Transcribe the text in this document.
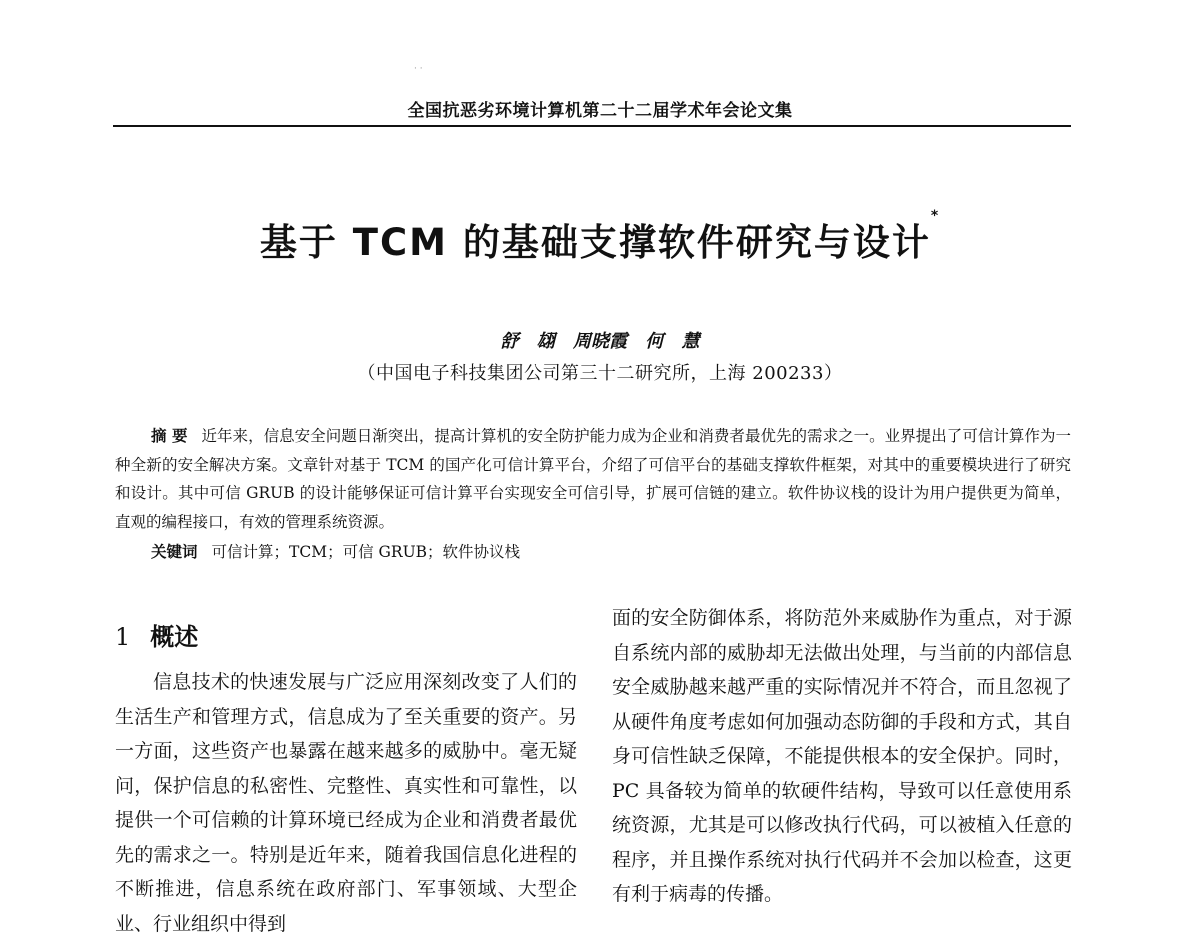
· ·
全国抗恶劣环境计算机第二十二届学术年会论文集
基于 TCM 的基础支撑软件研究与设计*
舒 翃 周晓霞 何 慧
（中国电子科技集团公司第三十二研究所，上海 200233）

摘 要 近年来，信息安全问题日渐突出，提高计算机的安全防护能力成为企业和消费者最优先的需求之一。业界提出了可信计算作为一种全新的安全解决方案。文章针对基于 TCM 的国产化可信计算平台，介绍了可信平台的基础支撑软件框架，对其中的重要模块进行了研究和设计。其中可信 GRUB 的设计能够保证可信计算平台实现安全可信引导，扩展可信链的建立。软件协议栈的设计为用户提供更为简单，直观的编程接口，有效的管理系统资源。

关键词 可信计算；TCM；可信 GRUB；软件协议栈
1 概述

信息技术的快速发展与广泛应用深刻改变了人们的生活生产和管理方式，信息成为了至关重要的资产。另一方面，这些资产也暴露在越来越多的威胁中。毫无疑问，保护信息的私密性、完整性、真实性和可靠性，以提供一个可信赖的计算环境已经成为企业和消费者最优先的需求之一。特别是近年来，随着我国信息化进程的不断推进，信息系统在政府部门、军事领域、大型企业、行业组织中得到

面的安全防御体系，将防范外来威胁作为重点，对于源自系统内部的威胁却无法做出处理，与当前的内部信息安全威胁越来越严重的实际情况并不符合，而且忽视了从硬件角度考虑如何加强动态防御的手段和方式，其自身可信性缺乏保障，不能提供根本的安全保护。同时，PC 具备较为简单的软硬件结构，导致可以任意使用系统资源，尤其是可以修改执行代码，可以被植入任意的程序，并且操作系统对执行代码并不会加以检查，这更有利于病毒的传播。
